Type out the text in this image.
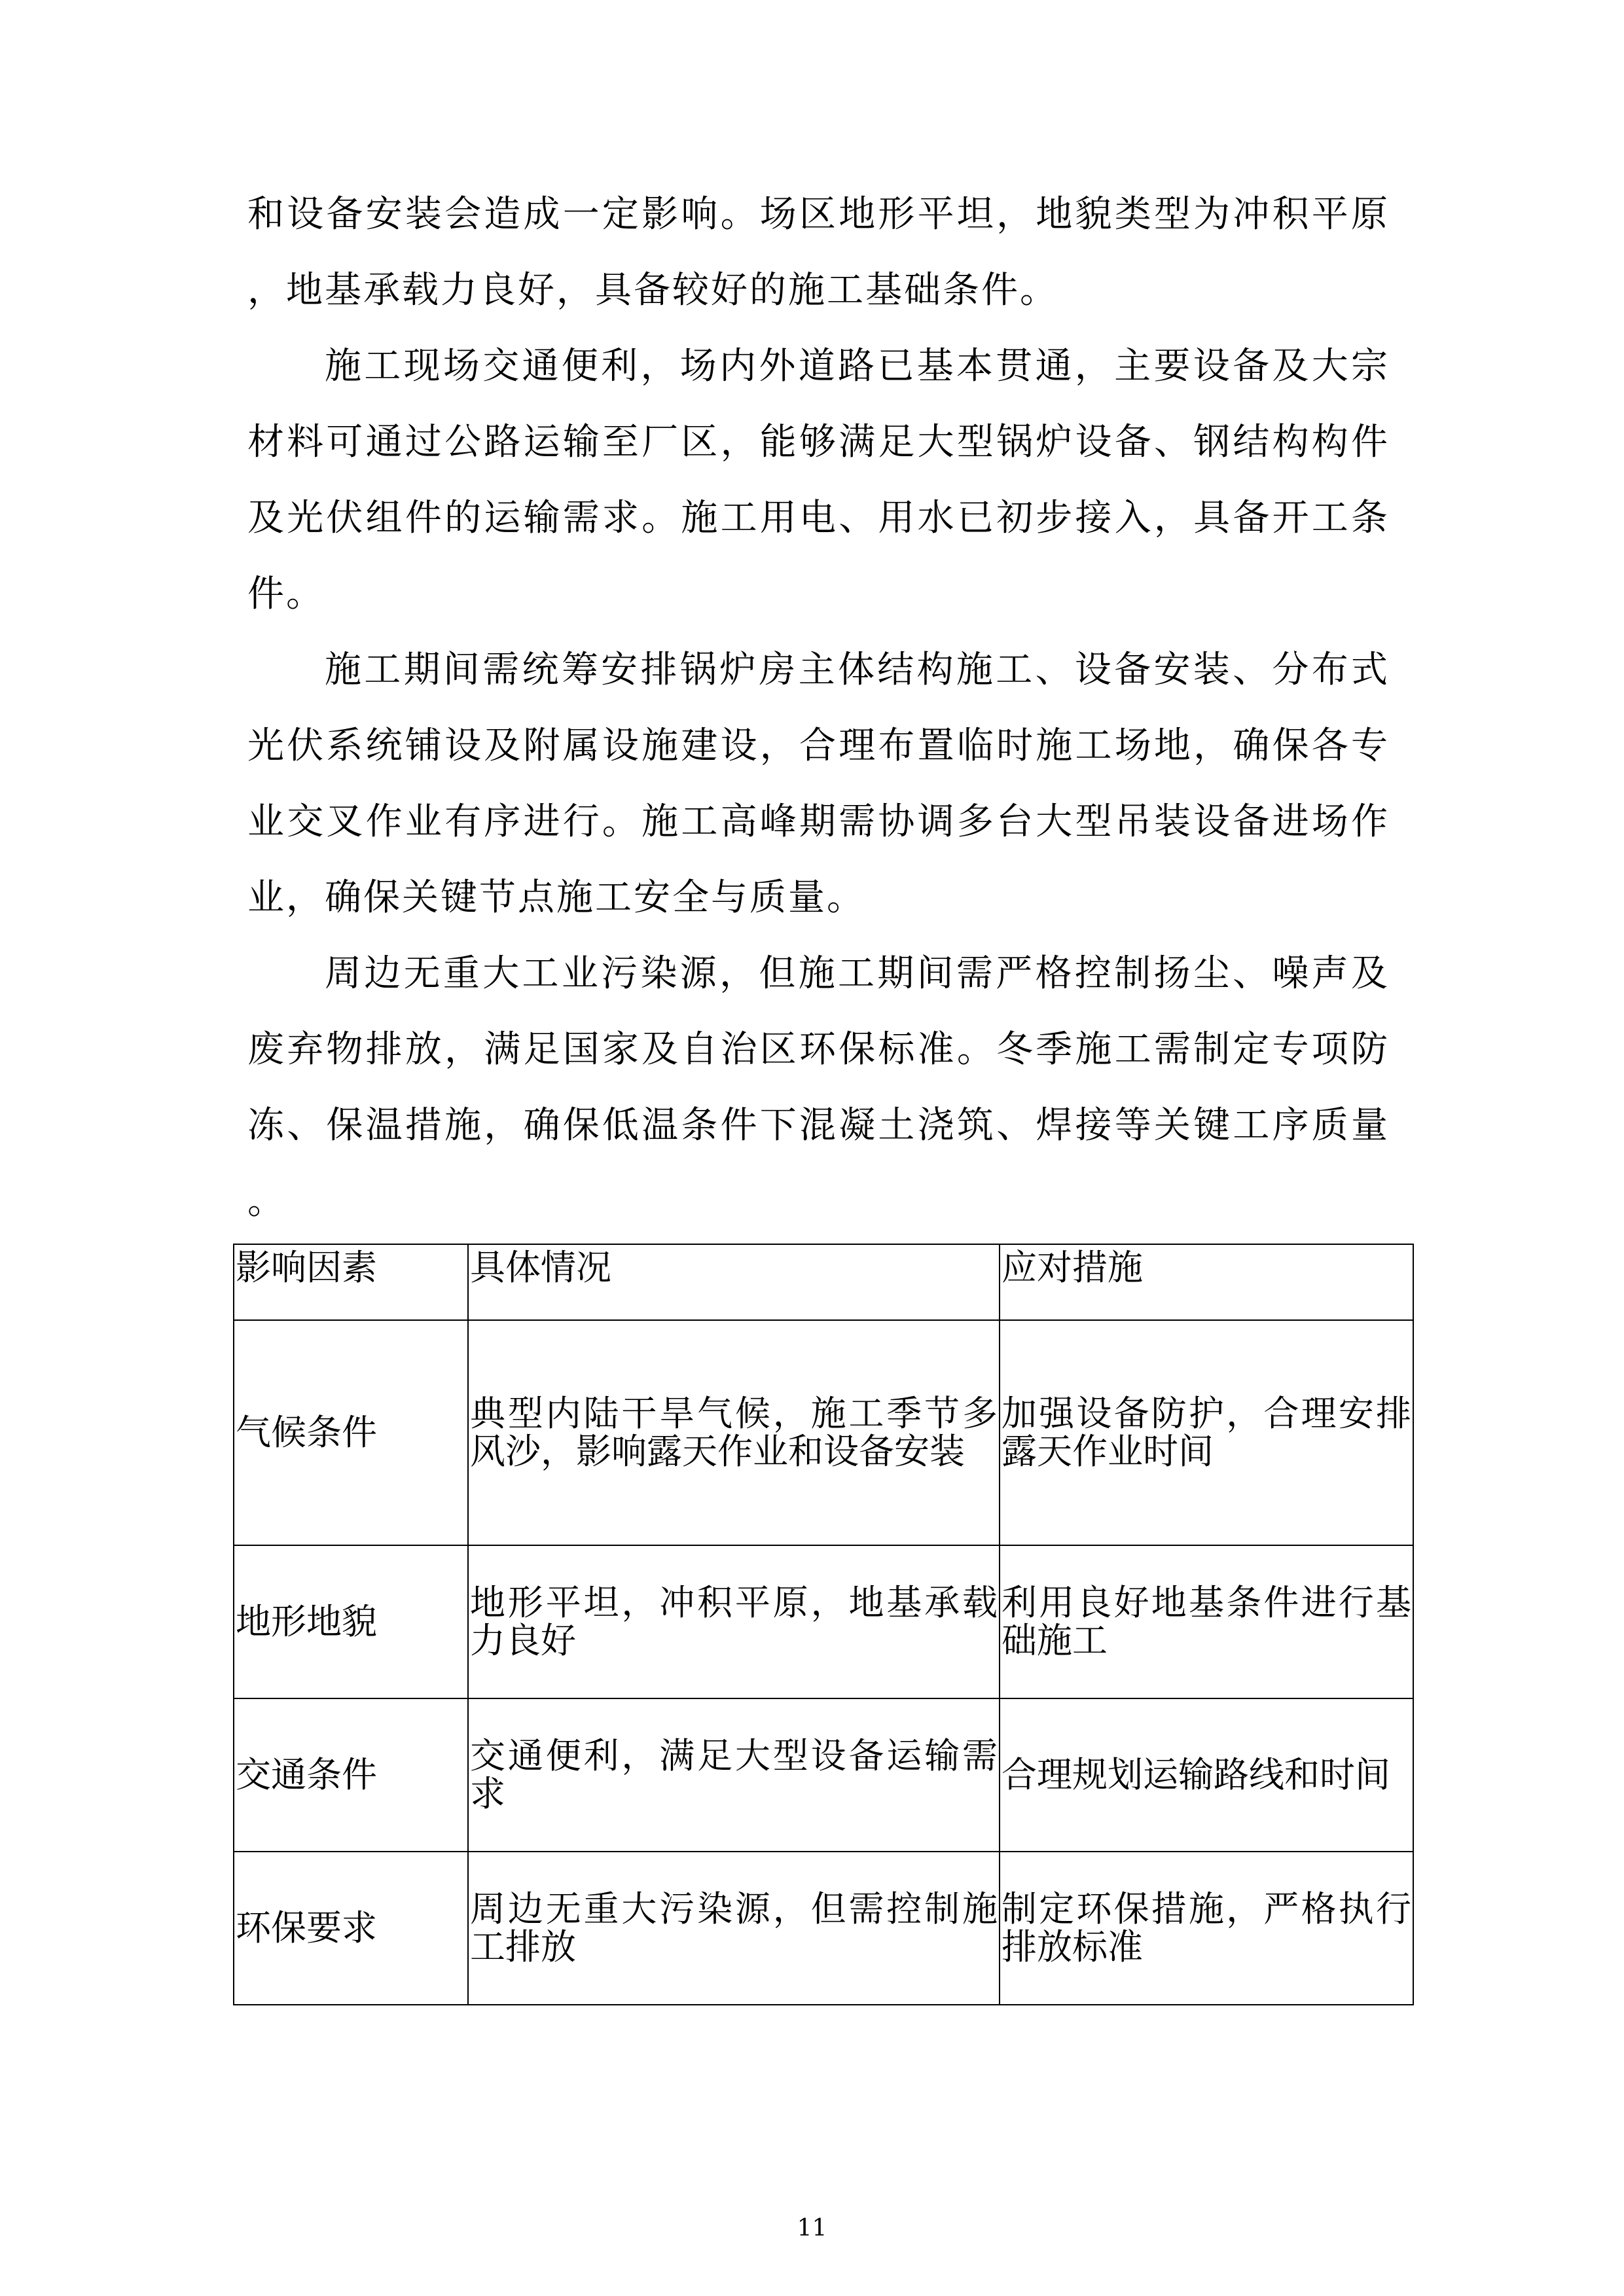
和设备安装会造成一定影响。场区地形平坦，地貌类型为冲积平原，地基承载力良好，具备较好的施工基础条件。

施工现场交通便利，场内外道路已基本贯通，主要设备及大宗材料可通过公路运输至厂区，能够满足大型锅炉设备、钢结构构件及光伏组件的运输需求。施工用电、用水已初步接入，具备开工条件。

施工期间需统筹安排锅炉房主体结构施工、设备安装、分布式光伏系统铺设及附属设施建设，合理布置临时施工场地，确保各专业交叉作业有序进行。施工高峰期需协调多台大型吊装设备进场作业，确保关键节点施工安全与质量。

周边无重大工业污染源，但施工期间需严格控制扬尘、噪声及废弃物排放，满足国家及自治区环保标准。冬季施工需制定专项防冻、保温措施，确保低温条件下混凝土浇筑、焊接等关键工序质量。

影响因素	具体情况	应对措施
气候条件	典型内陆干旱气候，施工季节多风沙，影响露天作业和设备安装	加强设备防护，合理安排露天作业时间
地形地貌	地形平坦，冲积平原，地基承载力良好	利用良好地基条件进行基础施工
交通条件	交通便利，满足大型设备运输需求	合理规划运输路线和时间
环保要求	周边无重大污染源，但需控制施工排放	制定环保措施，严格执行排放标准
11
